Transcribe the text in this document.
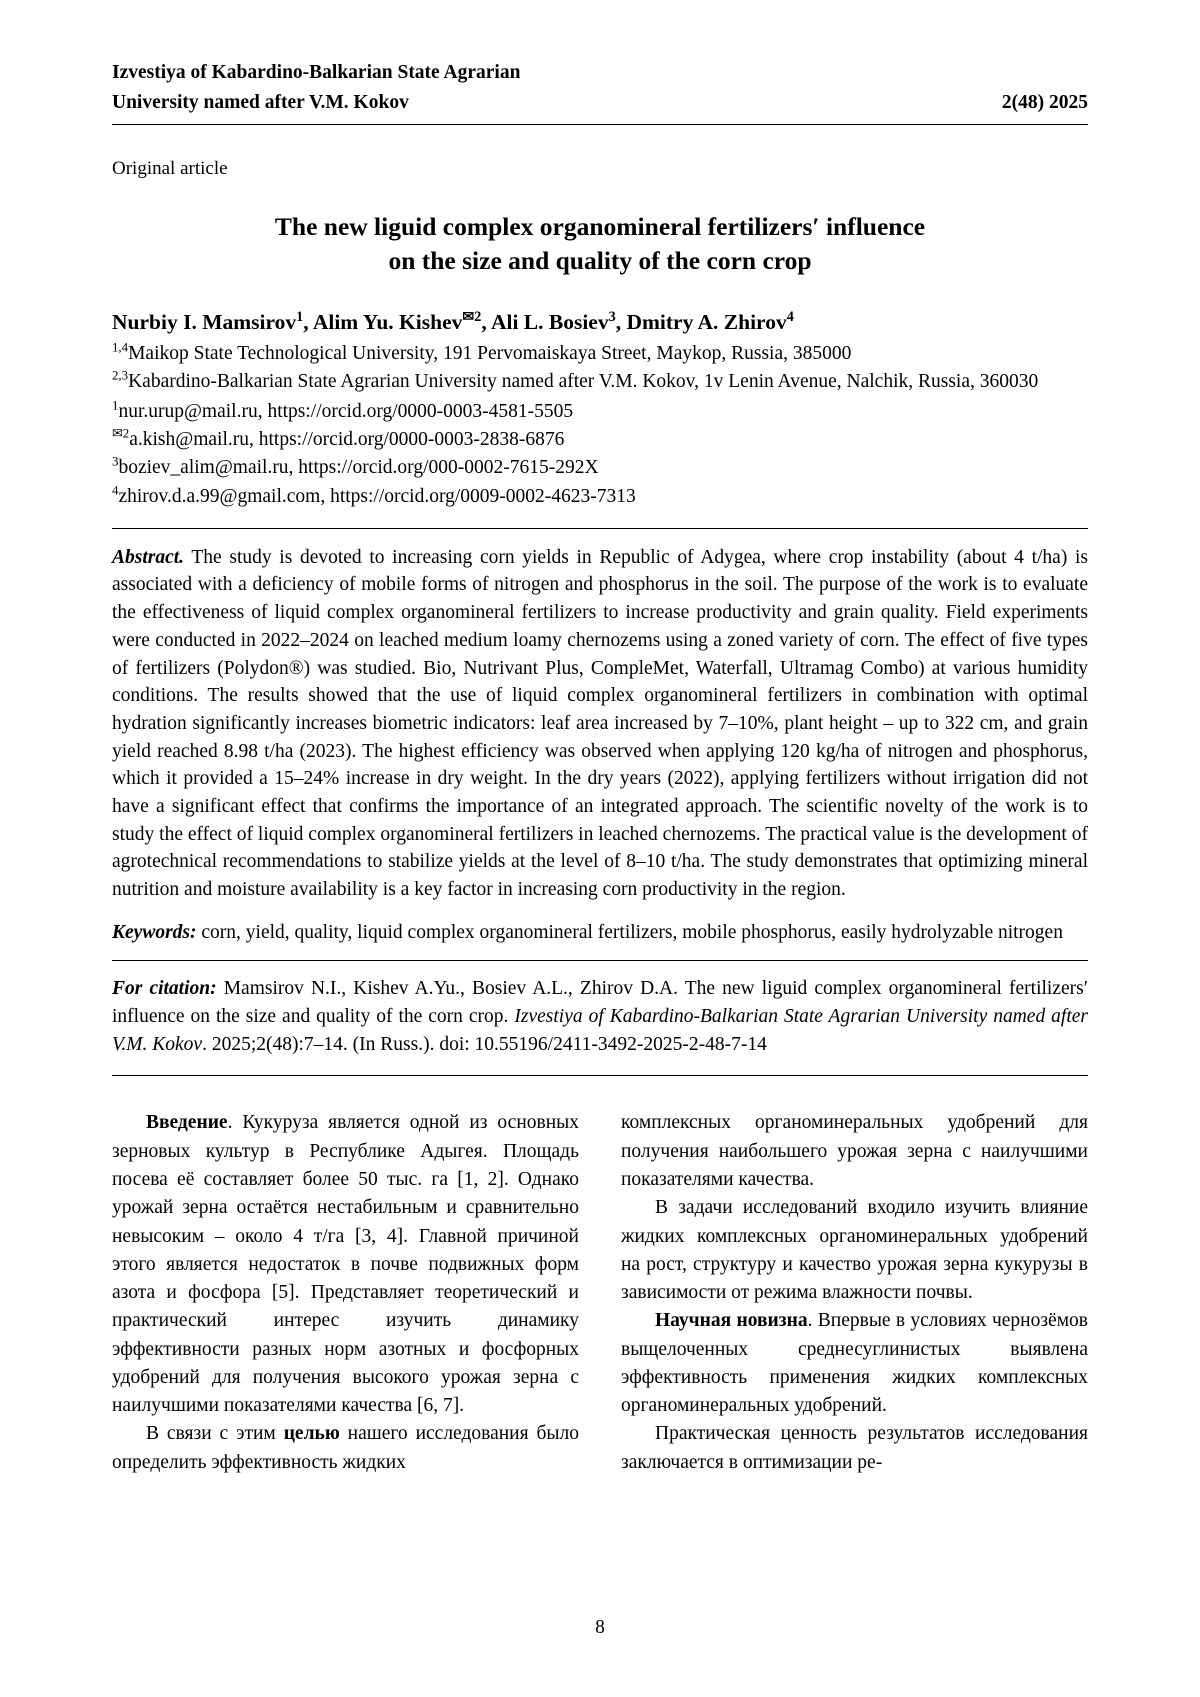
Izvestiya of Kabardino-Balkarian State Agrarian
University named after V.M. Kokov	2(48) 2025
Original article
The new liguid complex organomineral fertilizers′ influence
on the size and quality of the corn crop
Nurbiy I. Mamsirov$^1$, Alim Yu. Kishev$^{✉2}$, Ali L. Bosiev$^3$, Dmitry A. Zhirov$^4$
$^{1,4}$Maikop State Technological University, 191 Pervomaiskaya Street, Maykop, Russia, 385000
$^{2,3}$Kabardino-Balkarian State Agrarian University named after V.M. Kokov, 1v Lenin Avenue, Nalchik, Russia, 360030
$^1$nur.urup@mail.ru, https://orcid.org/0000-0003-4581-5505
$^{✉2}$a.kish@mail.ru, https://orcid.org/0000-0003-2838-6876
$^3$boziev_alim@mail.ru, https://orcid.org/000-0002-7615-292X
$^4$zhirov.d.a.99@gmail.com, https://orcid.org/0009-0002-4623-7313
Abstract. The study is devoted to increasing corn yields in Republic of Adygea, where crop instability (about 4 t/ha) is associated with a deficiency of mobile forms of nitrogen and phosphorus in the soil. The purpose of the work is to evaluate the effectiveness of liquid complex organomineral fertilizers to increase productivity and grain quality. Field experiments were conducted in 2022–2024 on leached medium loamy chernozems using a zoned variety of corn. The effect of five types of fertilizers (Polydon®) was studied. Bio, Nutrivant Plus, CompleMet, Waterfall, Ultramag Combo) at various humidity conditions. The results showed that the use of liquid complex organomineral fertilizers in combination with optimal hydration significantly increases biometric indicators: leaf area increased by 7–10%, plant height – up to 322 cm, and grain yield reached 8.98 t/ha (2023). The highest efficiency was observed when applying 120 kg/ha of nitrogen and phosphorus, which it provided a 15–24% increase in dry weight. In the dry years (2022), applying fertilizers without irrigation did not have a significant effect that confirms the importance of an integrated approach. The scientific novelty of the work is to study the effect of liquid complex organomineral fertilizers in leached chernozems. The practical value is the development of agrotechnical recommendations to stabilize yields at the level of 8–10 t/ha. The study demonstrates that optimizing mineral nutrition and moisture availability is a key factor in increasing corn productivity in the region.
Keywords: corn, yield, quality, liquid complex organomineral fertilizers, mobile phosphorus, easily hydrolyzable nitrogen
For citation: Mamsirov N.I., Kishev A.Yu., Bosiev A.L., Zhirov D.A. The new liguid complex organomineral fertilizers′ influence on the size and quality of the corn crop. Izvestiya of Kabardino-Balkarian State Agrarian University named after V.M. Kokov. 2025;2(48):7–14. (In Russ.). doi: 10.55196/2411-3492-2025-2-48-7-14

Введение. Кукуруза является одной из основных зерновых культур в Республике Адыгея. Площадь посева её составляет более 50 тыс. га [1, 2]. Однако урожай зерна остаётся нестабильным и сравнительно невысоким – около 4 т/га [3, 4]. Главной причиной этого является недостаток в почве подвижных форм азота и фосфора [5]. Представляет теоретический и практический интерес изучить динамику эффективности разных норм азотных и фосфорных удобрений для получения высокого урожая зерна с наилучшими показателями качества [6, 7].

В связи с этим целью нашего исследования было определить эффективность жидких

комплексных органоминеральных удобрений для получения наибольшего урожая зерна с наилучшими показателями качества.

В задачи исследований входило изучить влияние жидких комплексных органоминеральных удобрений на рост, структуру и качество урожая зерна кукурузы в зависимости от режима влажности почвы.

Научная новизна. Впервые в условиях чернозёмов выщелоченных среднесуглинистых выявлена эффективность применения жидких комплексных органоминеральных удобрений.

Практическая ценность результатов исследования заключается в оптимизации ре-

8
